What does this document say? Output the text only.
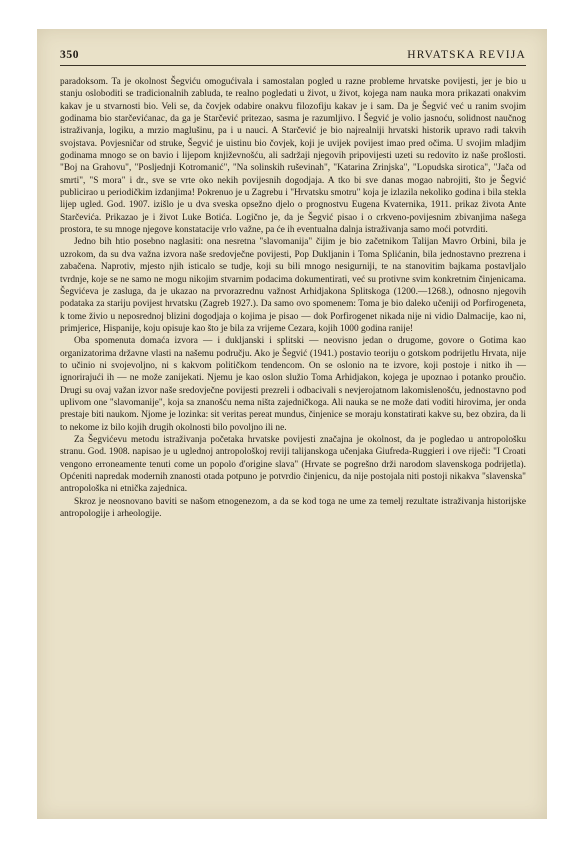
350	HRVATSKA REVIJA

paradoksom. Ta je okolnost Šegviću omogućivala i samostalan pogled u razne probleme hrvatske povijesti, jer je bio u stanju osloboditi se tradicionalnih zabluda, te realno pogledati u život, u život, kojega nam nauka mora prikazati onakvim kakav je u stvarnosti bio. Veli se, da čovjek odabire onakvu filozofiju kakav je i sam. Da je Šegvić već u ranim svojim godinama bio starčevićanac, da ga je Starčević pritezao, sasma je razumljivo. I Šegvić je volio jasnoću, solidnost naučnog istraživanja, logiku, a mrzio maglušinu, pa i u nauci. A Starčević je bio najrealniji hrvatski historik upravo radi takvih svojstava. Povjesničar od struke, Šegvić je uistinu bio čovjek, koji je uvijek povijest imao pred očima. U svojim mladjim godinama mnogo se on bavio i lijepom književnošću, ali sadržaji njegovih pripovijesti uzeti su redovito iz naše prošlosti. "Boj na Grahovu", "Posljednji Kotromanić", "Na solinskih ruševinah", "Katarina Zrinjska", "Lopudska sirotica", "Jača od smrti", "S mora" i dr., sve se vrte oko nekih povijesnih dogodjaja. A tko bi sve danas mogao nabrojiti, što je Šegvić publicirao u periodičkim izdanjima! Pokrenuo je u Zagrebu i "Hrvatsku smotru" koja je izlazila nekoliko godina i bila stekla lijep ugled. God. 1907. izišlo je u dva sveska opsežno djelo o prognostvu Eugena Kvaternika, 1911. prikaz života Ante Starčevića. Prikazao je i život Luke Botića. Logično je, da je Šegvić pisao i o crkveno-povijesnim zbivanjima našega prostora, te su mnoge njegove konstatacije vrlo važne, pa će ih eventualna dalnja istraživanja samo moći potvrditi.

Jedno bih htio posebno naglasiti: ona nesretna "slavomanija" čijim je bio začetnikom Talijan Mavro Orbini, bila je uzrokom, da su dva važna izvora naše sredovječne povijesti, Pop Dukljanin i Toma Splićanin, bila jednostavno prezrena i zabačena. Naprotiv, mjesto njih isticalo se tudje, koji su bili mnogo nesigurniji, te na stanovitim bajkama postavljalo tvrdnje, koje se ne samo ne mogu nikojim stvarnim podacima dokumentirati, već su protivne svim konkretnim činjenicama. Šegvićeva je zasluga, da je ukazao na prvorazrednu važnost Arhidjakona Splitskoga (1200.—1268.), odnosno njegovih podataka za stariju povijest hrvatsku (Zagreb 1927.). Da samo ovo spomenem: Toma je bio daleko učeniji od Porfirogeneta, k tome živio u neposrednoj blizini dogodjaja o kojima je pisao — dok Porfirogenet nikada nije ni vidio Dalmacije, kao ni, primjerice, Hispanije, koju opisuje kao što je bila za vrijeme Cezara, kojih 1000 godina ranije!

Oba spomenuta domaća izvora — i dukljanski i splitski — neovisno jedan o drugome, govore o Gotima kao organizatorima državne vlasti na našemu području. Ako je Šegvić (1941.) postavio teoriju o gotskom podrijetlu Hrvata, nije to učinio ni svojevoljno, ni s kakvom političkom tendencom. On se oslonio na te izvore, koji postoje i nitko ih — ignorirajući ih — ne može zanijekati. Njemu je kao oslon služio Toma Arhidjakon, kojega je upoznao i potanko proučio. Drugi su ovaj važan izvor naše sredovječne povijesti prezreli i odbacivali s nevjerojatnom lakomislenošću, jednostavno pod uplivom one "slavomanije", koja sa znanošću nema ništa zajedničkoga. Ali nauka se ne može dati voditi hirovima, jer onda prestaje biti naukom. Njome je lozinka: sit veritas pereat mundus, činjenice se moraju konstatirati kakve su, bez obzira, da li to nekome iz bilo kojih drugih okolnosti bilo povoljno ili ne.

Za Šegvićevu metodu istraživanja početaka hrvatske povijesti značajna je okolnost, da je pogledao u antropološku stranu. God. 1908. napisao je u uglednoj antropološkoj reviji talijanskoga učenjaka Giufreda-Ruggieri i ove riječi: "I Croati vengono erroneamente tenuti come un popolo d'origine slava" (Hrvate se pogrešno drži narodom slavenskoga podrijetla). Općeniti napredak modernih znanosti otada potpuno je potvrdio činjenicu, da nije postojala niti postoji nikakva "slavenska" antropološka ni etnička zajednica.

Skroz je neosnovano baviti se našom etnogenezom, a da se kod toga ne ume za temelj rezultate istraživanja historijske antropologije i arheologije.
